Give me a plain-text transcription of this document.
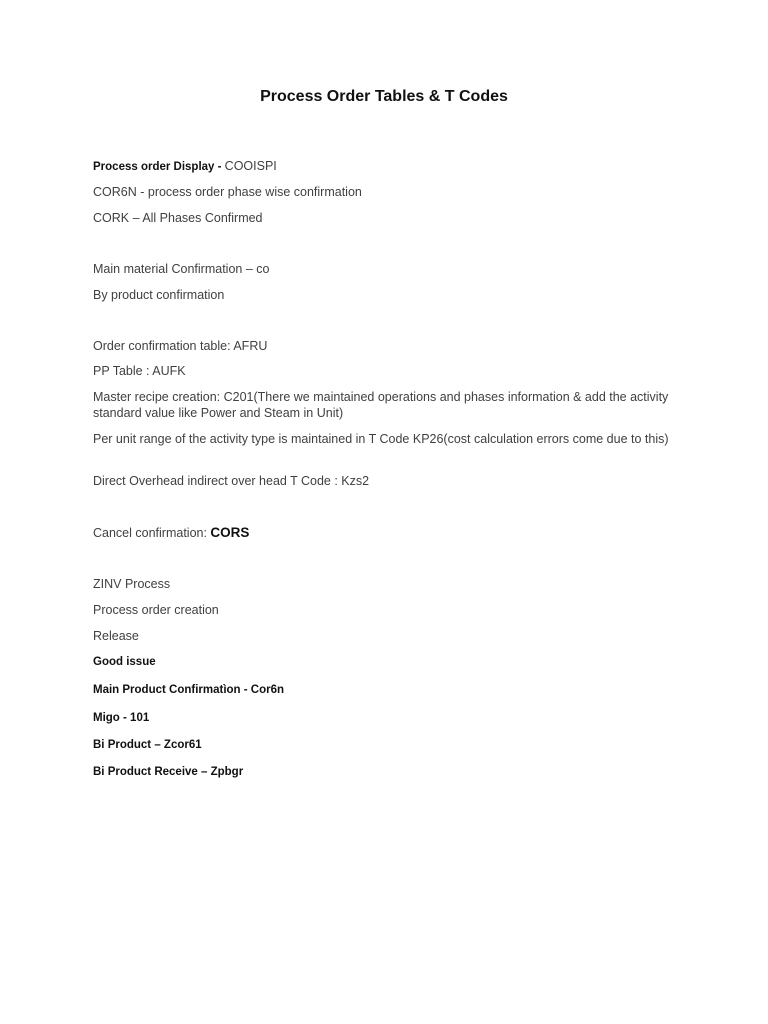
Process Order Tables & T Codes
Process order Display - COOISPI
COR6N - process order phase wise confirmation
CORK – All Phases Confirmed
Main material Confirmation – co
By product confirmation
Order confirmation table: AFRU
PP Table : AUFK
Master recipe creation: C201(There we maintained operations and phases information & add the activity standard value like Power and Steam in Unit)
Per unit range of the activity type is maintained in T Code KP26(cost calculation errors come due to this)
Direct Overhead indirect over head T Code : Kzs2
Cancel confirmation: CORS
ZINV Process
Process order creation
Release
Good issue
Main Product Confirmatìon - Cor6n
Migo - 101
Bi Product – Zcor61
Bi Product Receive – Zpbgr
